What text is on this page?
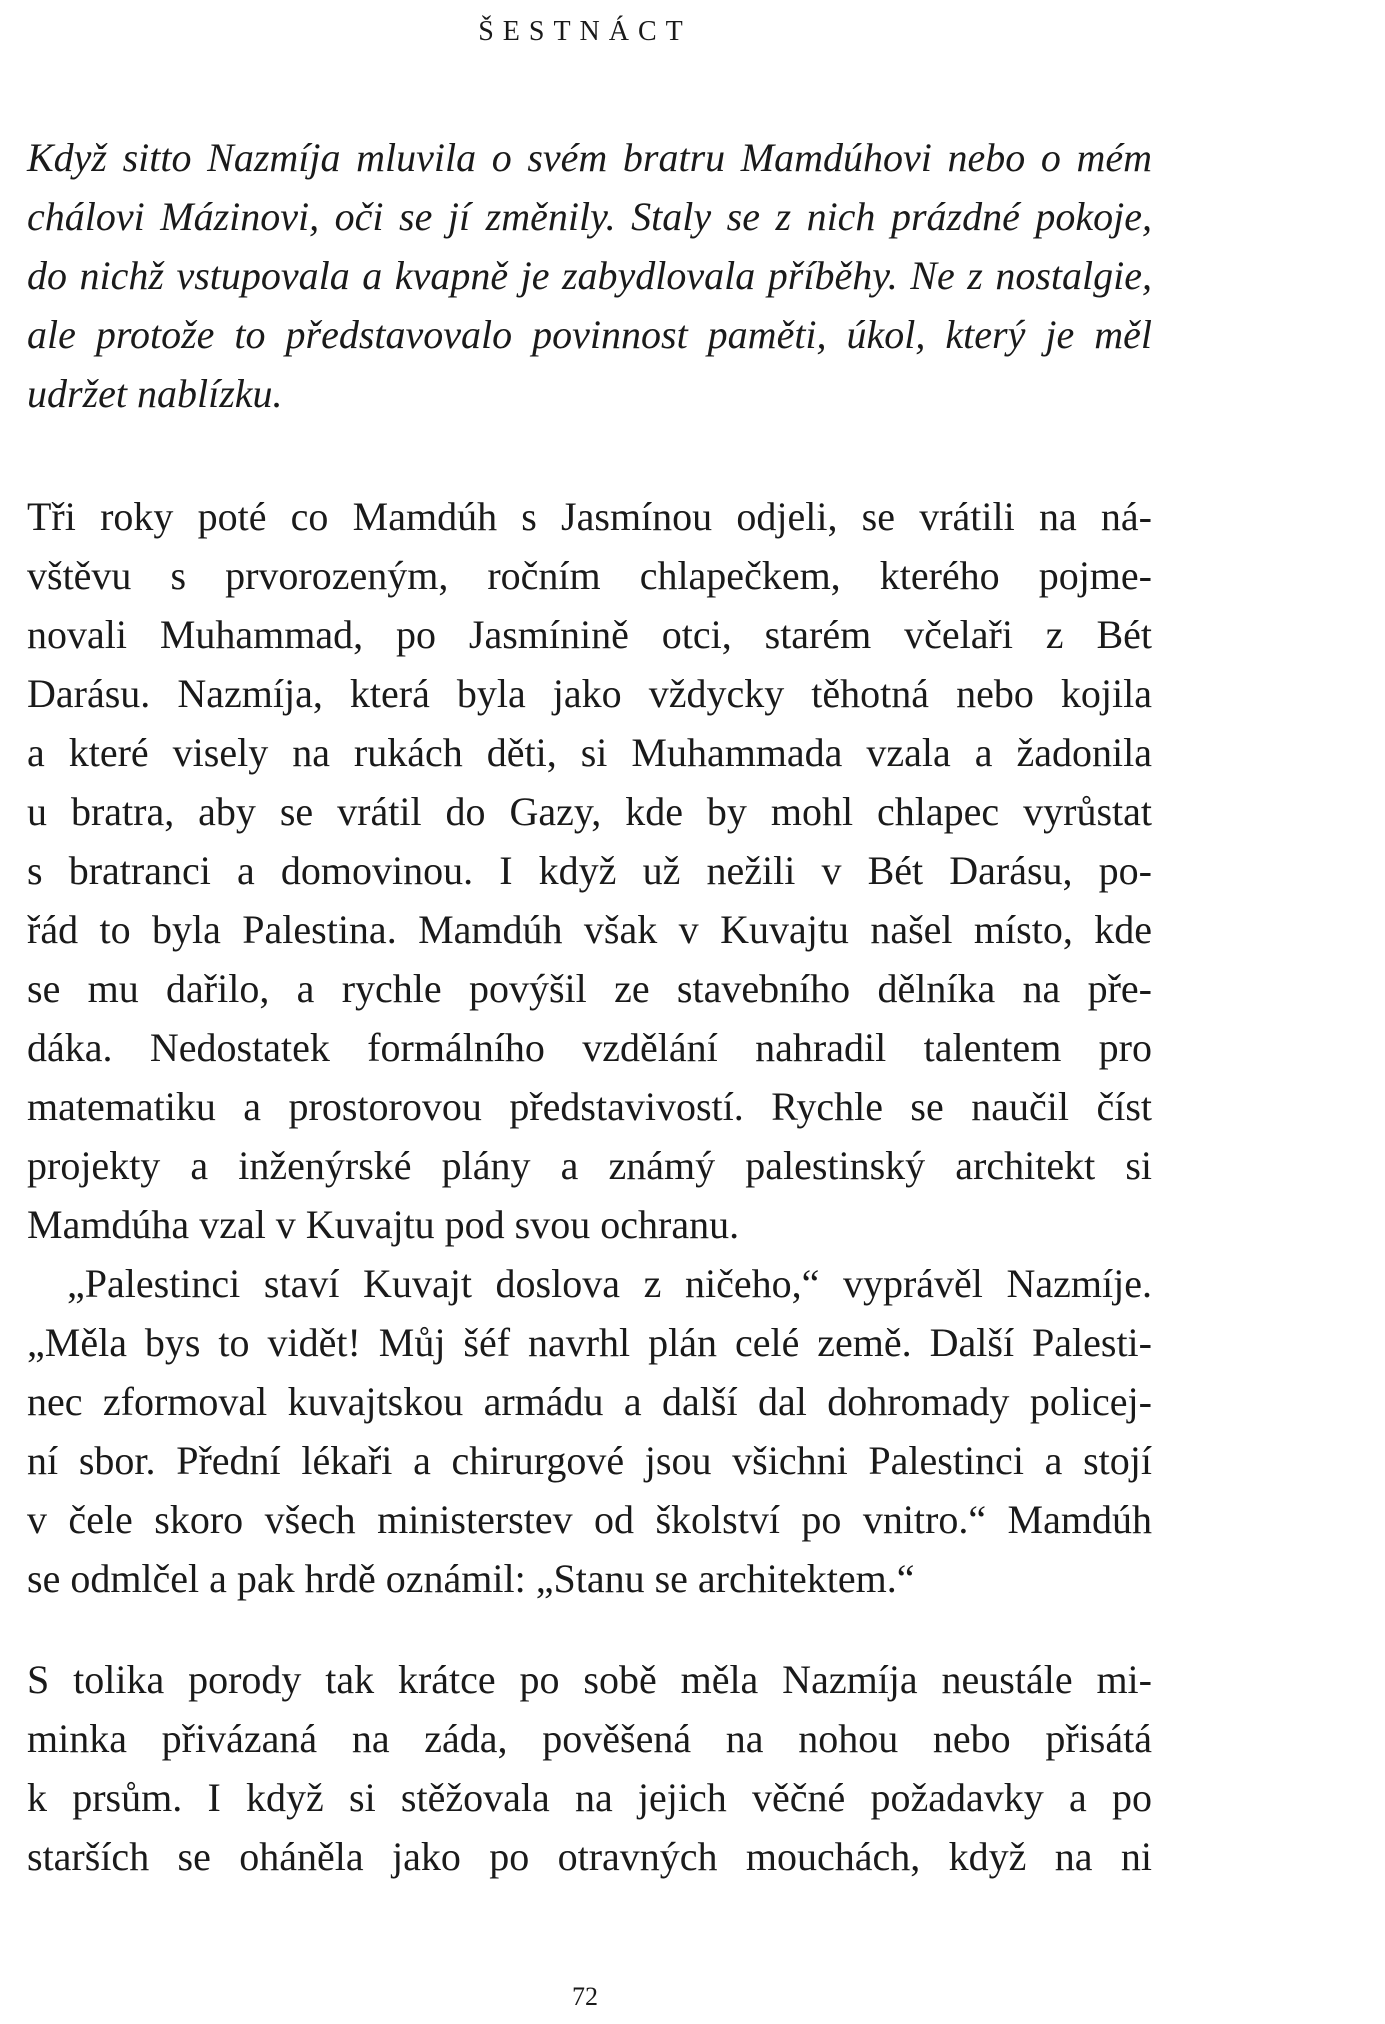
ŠESTNÁCT
Když sitto Nazmíja mluvila o svém bratru Mamdúhovi nebo o mém
chálovi Mázinovi, oči se jí změnily. Staly se z nich prázdné pokoje,
do nichž vstupovala a kvapně je zabydlovala příběhy. Ne z nostalgie,
ale protože to představovalo povinnost paměti, úkol, který je měl
udržet nablízku.
Tři roky poté co Mamdúh s Jasmínou odjeli, se vrátili na ná-
vštěvu s prvorozeným, ročním chlapečkem, kterého pojme-
novali Muhammad, po Jasmínině otci, starém včelaři z Bét
Darásu. Nazmíja, která byla jako vždycky těhotná nebo kojila
a které visely na rukách děti, si Muhammada vzala a žadonila
u bratra, aby se vrátil do Gazy, kde by mohl chlapec vyrůstat
s bratranci a domovinou. I když už nežili v Bét Darásu, po-
řád to byla Palestina. Mamdúh však v Kuvajtu našel místo, kde
se mu dařilo, a rychle povýšil ze stavebního dělníka na pře-
dáka. Nedostatek formálního vzdělání nahradil talentem pro
matematiku a prostorovou představivostí. Rychle se naučil číst
projekty a inženýrské plány a známý palestinský architekt si
Mamdúha vzal v Kuvajtu pod svou ochranu.
„Palestinci staví Kuvajt doslova z ničeho,“ vyprávěl Nazmíje.
„Měla bys to vidět! Můj šéf navrhl plán celé země. Další Palesti-
nec zformoval kuvajtskou armádu a další dal dohromady policej-
ní sbor. Přední lékaři a chirurgové jsou všichni Palestinci a stojí
v čele skoro všech ministerstev od školství po vnitro.“ Mamdúh
se odmlčel a pak hrdě oznámil: „Stanu se architektem.“
S tolika porody tak krátce po sobě měla Nazmíja neustále mi-
minka přivázaná na záda, pověšená na nohou nebo přisátá
k prsům. I když si stěžovala na jejich věčné požadavky a po
starších se oháněla jako po otravných mouchách, když na ni

72
